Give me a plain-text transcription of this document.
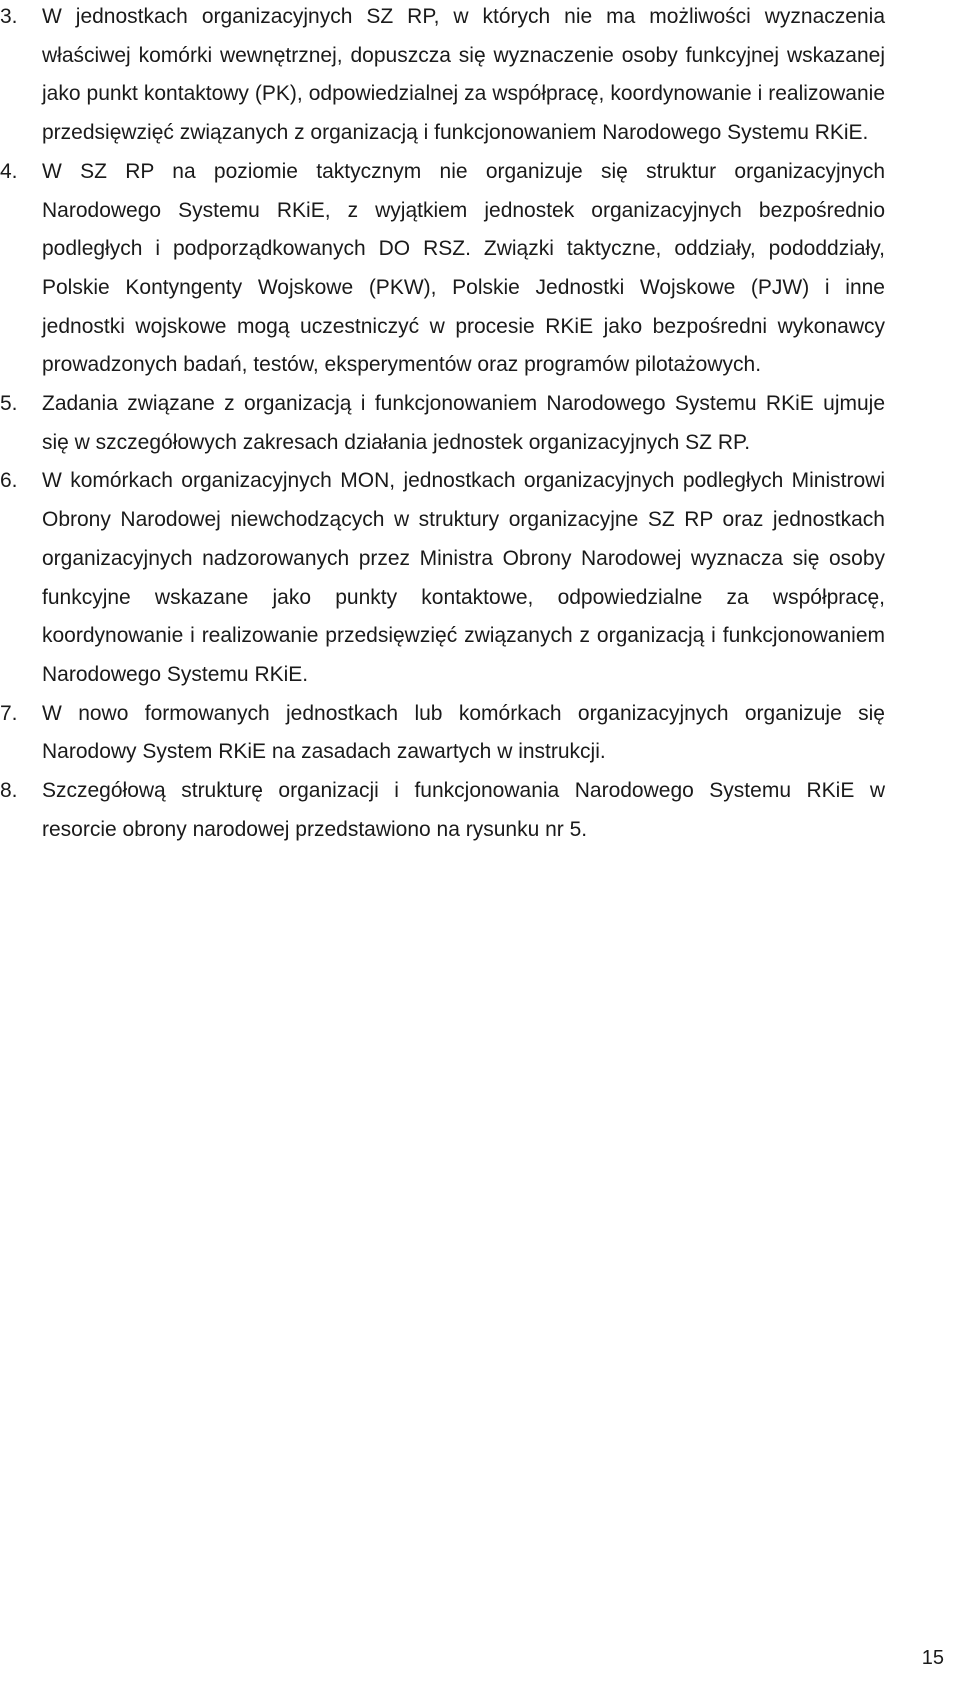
3.	W jednostkach organizacyjnych SZ RP, w których nie ma możliwości wyznaczenia właściwej komórki wewnętrznej, dopuszcza się wyznaczenie osoby funkcyjnej wskazanej jako punkt kontaktowy (PK), odpowiedzialnej za współpracę, koordynowanie i realizowanie przedsięwzięć związanych z organizacją i funkcjonowaniem Narodowego Systemu RKiE.

4.	W SZ RP na poziomie taktycznym nie organizuje się struktur organizacyjnych Narodowego Systemu RKiE, z wyjątkiem jednostek organizacyjnych bezpośrednio podległych i podporządkowanych DO RSZ. Związki taktyczne, oddziały, pododdziały, Polskie Kontyngenty Wojskowe (PKW), Polskie Jednostki Wojskowe (PJW) i inne jednostki wojskowe mogą uczestniczyć w procesie RKiE jako bezpośredni wykonawcy prowadzonych badań, testów, eksperymentów oraz programów pilotażowych.

5.	Zadania związane z organizacją i funkcjonowaniem Narodowego Systemu RKiE ujmuje się w szczegółowych zakresach działania jednostek organizacyjnych SZ RP.

6.	W komórkach organizacyjnych MON, jednostkach organizacyjnych podległych Ministrowi Obrony Narodowej niewchodzących w struktury organizacyjne SZ RP oraz jednostkach organizacyjnych nadzorowanych przez Ministra Obrony Narodowej wyznacza się osoby funkcyjne wskazane jako punkty kontaktowe, odpowiedzialne za współpracę, koordynowanie i realizowanie przedsięwzięć związanych z organizacją i funkcjonowaniem Narodowego Systemu RKiE.

7.	W nowo formowanych jednostkach lub komórkach organizacyjnych organizuje się Narodowy System RKiE na zasadach zawartych w instrukcji.

8.	Szczegółową strukturę organizacji i funkcjonowania Narodowego Systemu RKiE w resorcie obrony narodowej przedstawiono na rysunku nr 5.

15
